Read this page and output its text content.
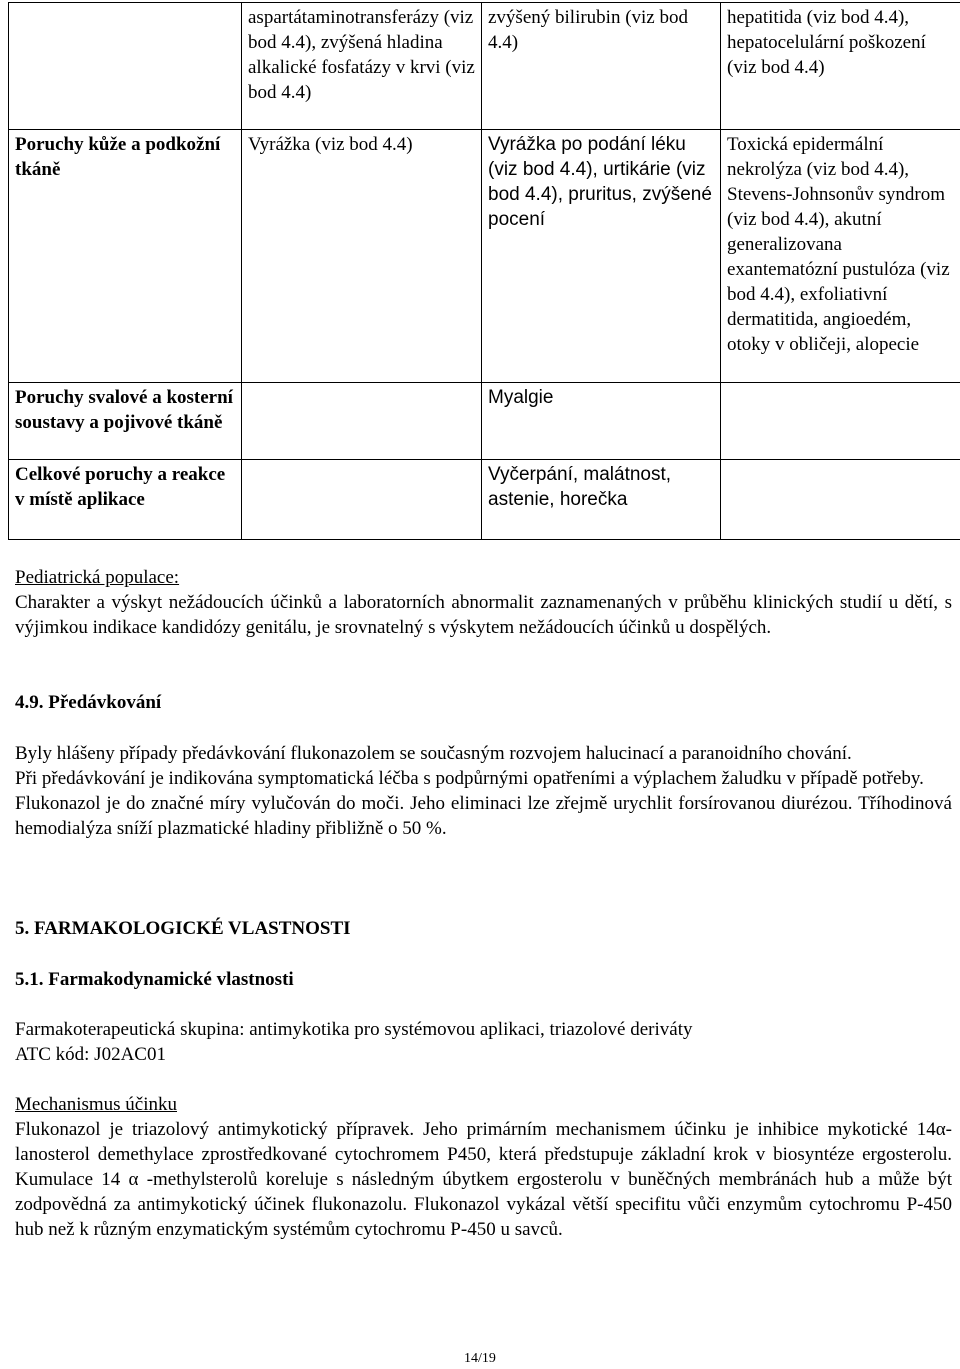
	aspartátaminotransferázy (viz bod 4.4), zvýšená hladina alkalické fosfatázy v krvi (viz bod 4.4)	zvýšený bilirubin (viz bod 4.4)	hepatitida (viz bod 4.4), hepatocelulární poškození (viz bod 4.4)
Poruchy kůže a podkožní tkáně	Vyrážka (viz bod 4.4)	Vyrážka po podání léku (viz bod 4.4), urtikárie (viz bod 4.4), pruritus, zvýšené pocení	Toxická epidermální nekrolýza (viz bod 4.4), Stevens-Johnsonův syndrom (viz bod 4.4), akutní generalizovana exantematózní pustulóza (viz bod 4.4), exfoliativní dermatitida, angioedém, otoky v obličeji, alopecie
Poruchy svalové a kosterní soustavy a pojivové tkáně		Myalgie	
Celkové poruchy a reakce v místě aplikace		Vyčerpání, malátnost, astenie, horečka	

Pediatrická populace:

Charakter a výskyt nežádoucích účinků a laboratorních abnormalit zaznamenaných v průběhu klinických studií u dětí, s výjimkou indikace kandidózy genitálu, je srovnatelný s výskytem nežádoucích účinků u dospělých.

4.9. Předávkování

Byly hlášeny případy předávkování flukonazolem se současným rozvojem halucinací a paranoidního chování.

Při předávkování je indikována symptomatická léčba s podpůrnými opatřeními a výplachem žaludku v případě potřeby.

Flukonazol je do značné míry vylučován do moči. Jeho eliminaci lze zřejmě urychlit forsírovanou diurézou. Tříhodinová hemodialýza sníží plazmatické hladiny přibližně o 50 %.

5. FARMAKOLOGICKÉ VLASTNOSTI

5.1. Farmakodynamické vlastnosti

Farmakoterapeutická skupina: antimykotika pro systémovou aplikaci, triazolové deriváty

ATC kód: J02AC01

Mechanismus účinku

Flukonazol je triazolový antimykotický přípravek. Jeho primárním mechanismem účinku je inhibice mykotické 14α-lanosterol demethylace zprostředkované cytochromem P450, která předstupuje základní krok v biosyntéze ergosterolu. Kumulace 14 α -methylsterolů koreluje s následným úbytkem ergosterolu v buněčných membránách hub a může být zodpovědná za antimykotický účinek flukonazolu. Flukonazol vykázal větší specifitu vůči enzymům cytochromu P-450 hub než k různým enzymatickým systémům cytochromu P-450 u savců.

14/19
